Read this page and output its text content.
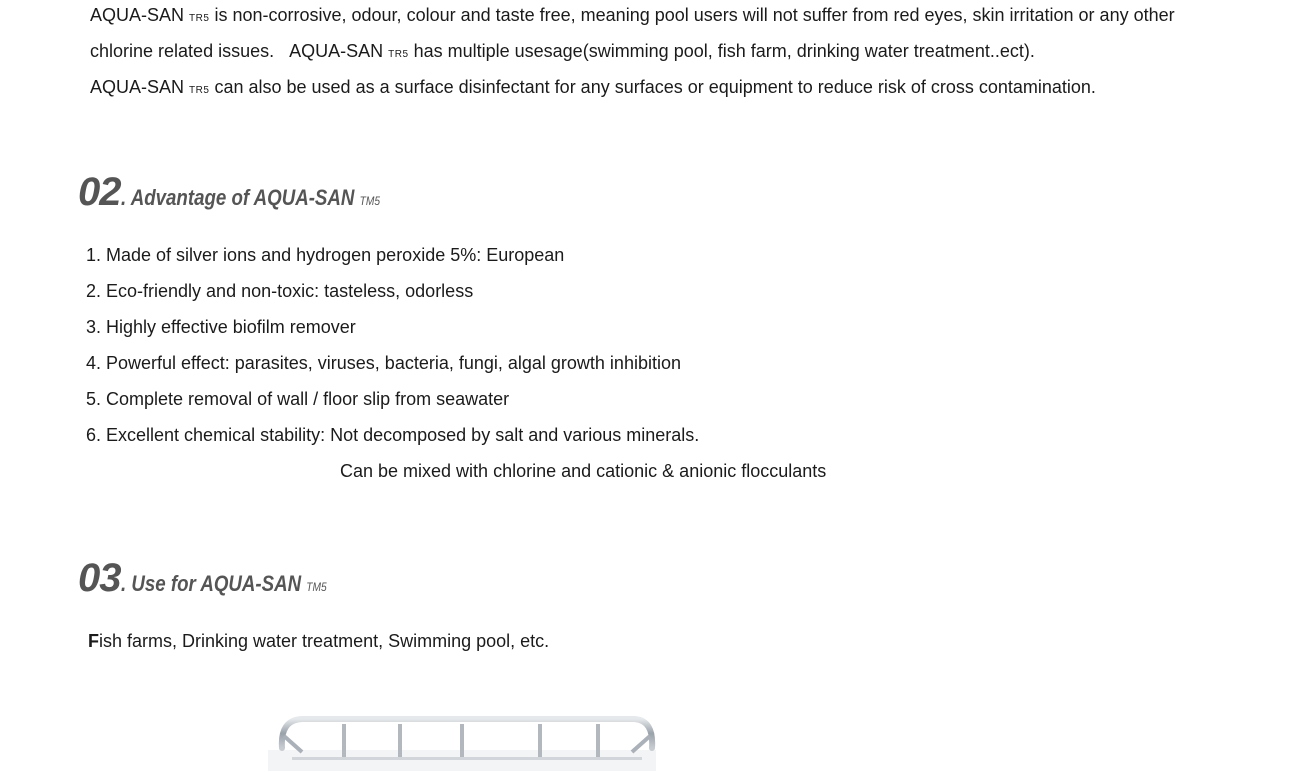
AQUA-SAN TR5 is non-corrosive, odour, colour and taste free, meaning pool users will not suffer from red eyes, skin irritation or any other
chlorine related issues. AQUA-SAN TR5 has multiple usesage(swimming pool, fish farm, drinking water treatment..ect).
AQUA-SAN TR5 can also be used as a surface disinfectant for any surfaces or equipment to reduce risk of cross contamination.
02. Advantage of AQUA-SAN TM5
1. Made of silver ions and hydrogen peroxide 5%: European
2. Eco-friendly and non-toxic: tasteless, odorless
3. Highly effective biofilm remover
4. Powerful effect: parasites, viruses, bacteria, fungi, algal growth inhibition
5. Complete removal of wall / floor slip from seawater
6. Excellent chemical stability: Not decomposed by salt and various minerals.
Can be mixed with chlorine and cationic & anionic flocculants
03. Use for AQUA-SAN TM5
Fish farms, Drinking water treatment, Swimming pool, etc.
